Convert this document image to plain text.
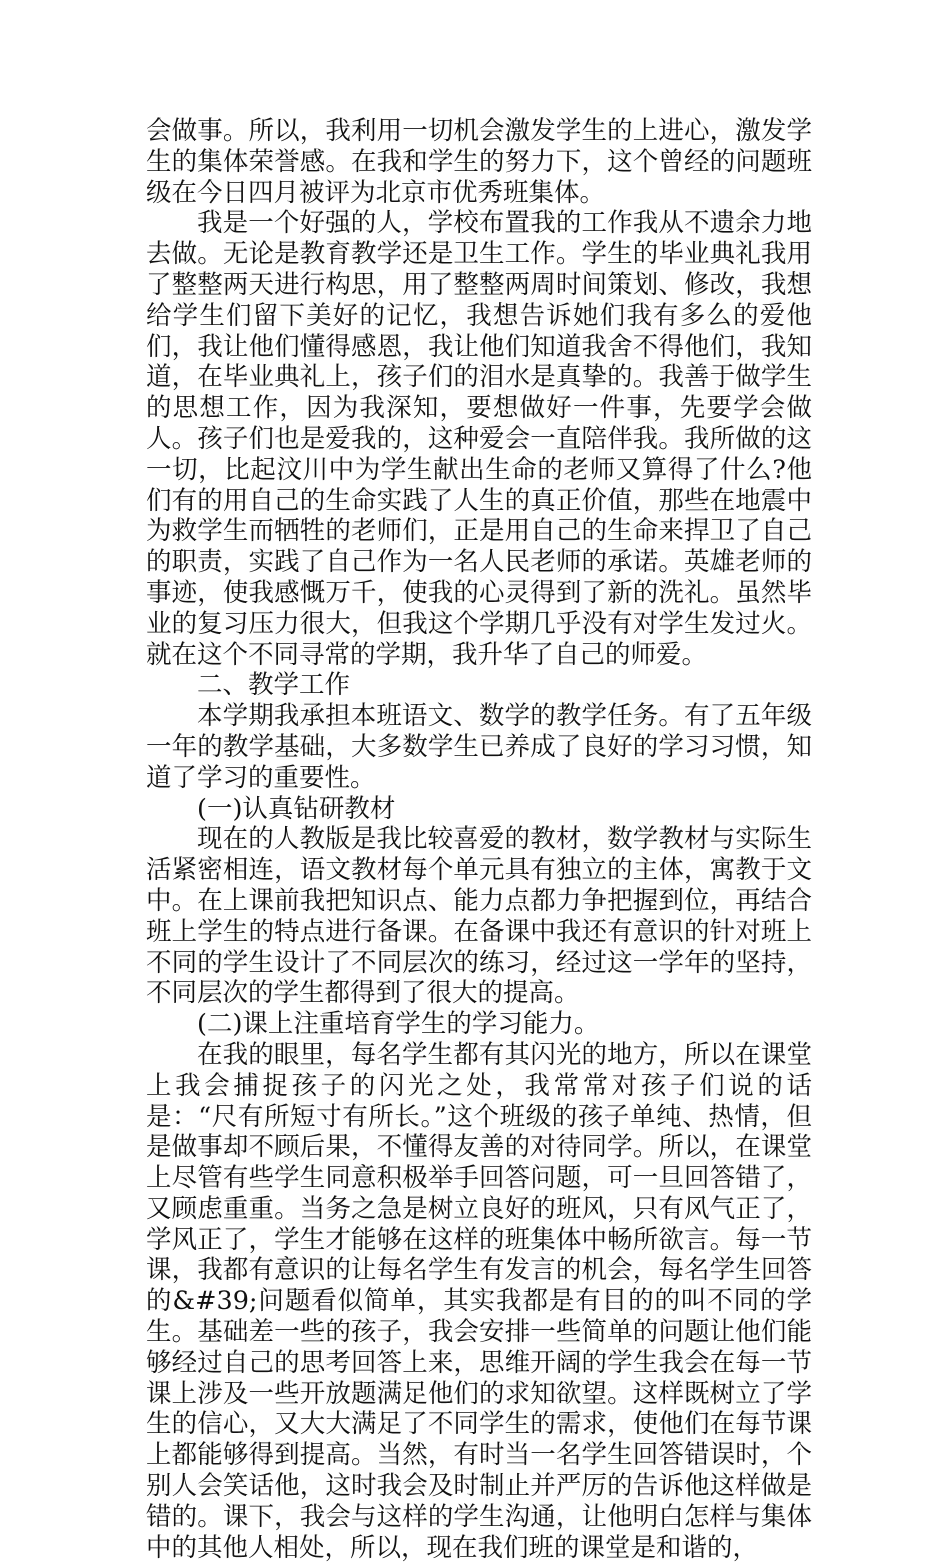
会做事。所以，我利用一切机会激发学生的上进心，激发学生的集体荣誉感。在我和学生的努力下，这个曾经的问题班级在今日四月被评为北京市优秀班集体。

我是一个好强的人，学校布置我的工作我从不遗余力地去做。无论是教育教学还是卫生工作。学生的毕业典礼我用了整整两天进行构思，用了整整两周时间策划、修改，我想给学生们留下美好的记忆，我想告诉她们我有多么的爱他们，我让他们懂得感恩，我让他们知道我舍不得他们，我知道，在毕业典礼上，孩子们的泪水是真挚的。我善于做学生的思想工作，因为我深知，要想做好一件事，先要学会做人。孩子们也是爱我的，这种爱会一直陪伴我。我所做的这一切，比起汶川中为学生献出生命的老师又算得了什么?他们有的用自己的生命实践了人生的真正价值，那些在地震中为救学生而牺牲的老师们，正是用自己的生命来捍卫了自己的职责，实践了自己作为一名人民老师的承诺。英雄老师的事迹，使我感慨万千，使我的心灵得到了新的洗礼。虽然毕业的复习压力很大，但我这个学期几乎没有对学生发过火。就在这个不同寻常的学期，我升华了自己的师爱。

二、教学工作

本学期我承担本班语文、数学的教学任务。有了五年级一年的教学基础，大多数学生已养成了良好的学习习惯，知道了学习的重要性。

(一)认真钻研教材

现在的人教版是我比较喜爱的教材，数学教材与实际生活紧密相连，语文教材每个单元具有独立的主体，寓教于文中。在上课前我把知识点、能力点都力争把握到位，再结合班上学生的特点进行备课。在备课中我还有意识的针对班上不同的学生设计了不同层次的练习，经过这一学年的坚持，不同层次的学生都得到了很大的提高。

(二)课上注重培育学生的学习能力。

在我的眼里，每名学生都有其闪光的地方，所以在课堂上我会捕捉孩子的闪光之处，我常常对孩子们说的话是：“尺有所短寸有所长。”这个班级的孩子单纯、热情，但是做事却不顾后果，不懂得友善的对待同学。所以，在课堂上尽管有些学生同意积极举手回答问题，可一旦回答错了，又顾虑重重。当务之急是树立良好的班风，只有风气正了，学风正了，学生才能够在这样的班集体中畅所欲言。每一节课，我都有意识的让每名学生有发言的机会，每名学生回答的&#39;问题看似简单，其实我都是有目的的叫不同的学生。基础差一些的孩子，我会安排一些简单的问题让他们能够经过自己的思考回答上来，思维开阔的学生我会在每一节课上涉及一些开放题满足他们的求知欲望。这样既树立了学生的信心，又大大满足了不同学生的需求，使他们在每节课上都能够得到提高。当然，有时当一名学生回答错误时，个别人会笑话他，这时我会及时制止并严厉的告诉他这样做是错的。课下，我会与这样的学生沟通，让他明白怎样与集体中的其他人相处，所以，现在我们班的课堂是和谐的，
